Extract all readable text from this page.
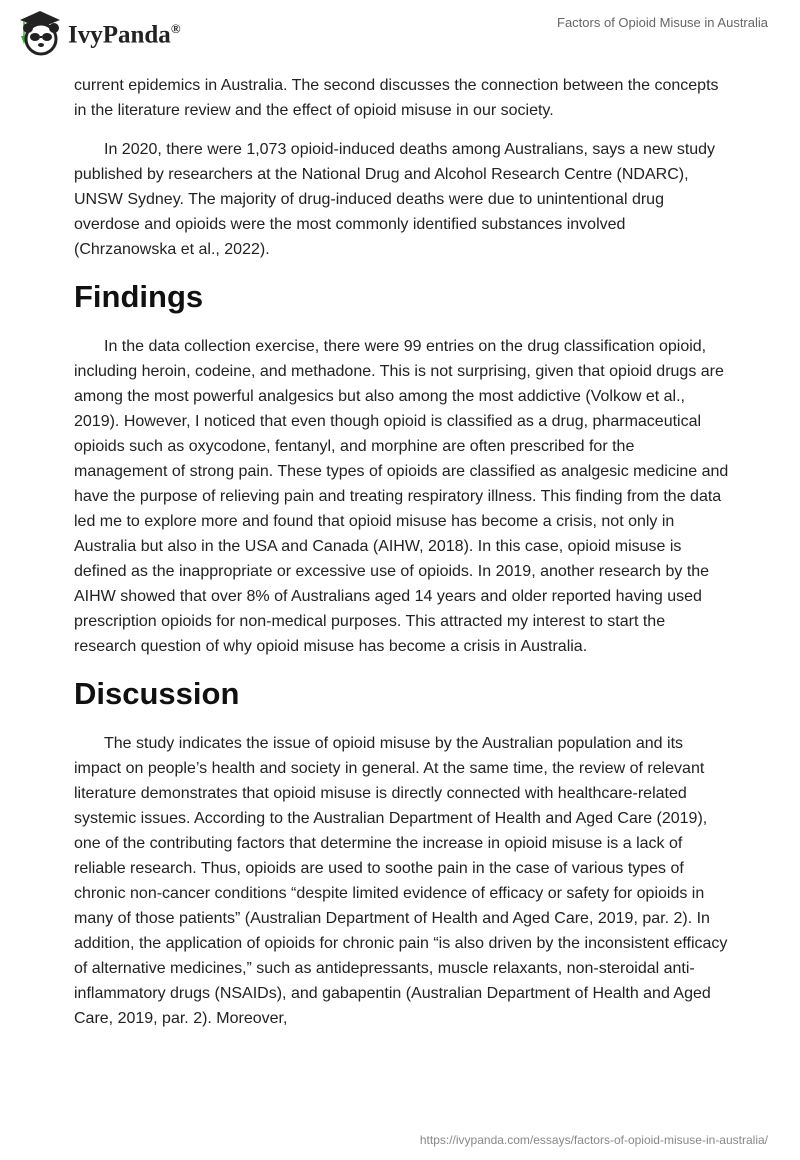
IvyPanda®	Factors of Opioid Misuse in Australia

current epidemics in Australia. The second discusses the connection between the concepts in the literature review and the effect of opioid misuse in our society.

In 2020, there were 1,073 opioid-induced deaths among Australians, says a new study published by researchers at the National Drug and Alcohol Research Centre (NDARC), UNSW Sydney. The majority of drug-induced deaths were due to unintentional drug overdose and opioids were the most commonly identified substances involved (Chrzanowska et al., 2022).

Findings

In the data collection exercise, there were 99 entries on the drug classification opioid, including heroin, codeine, and methadone. This is not surprising, given that opioid drugs are among the most powerful analgesics but also among the most addictive (Volkow et al., 2019). However, I noticed that even though opioid is classified as a drug, pharmaceutical opioids such as oxycodone, fentanyl, and morphine are often prescribed for the management of strong pain. These types of opioids are classified as analgesic medicine and have the purpose of relieving pain and treating respiratory illness. This finding from the data led me to explore more and found that opioid misuse has become a crisis, not only in Australia but also in the USA and Canada (AIHW, 2018). In this case, opioid misuse is defined as the inappropriate or excessive use of opioids. In 2019, another research by the AIHW showed that over 8% of Australians aged 14 years and older reported having used prescription opioids for non-medical purposes. This attracted my interest to start the research question of why opioid misuse has become a crisis in Australia.

Discussion

The study indicates the issue of opioid misuse by the Australian population and its impact on people’s health and society in general. At the same time, the review of relevant literature demonstrates that opioid misuse is directly connected with healthcare-related systemic issues. According to the Australian Department of Health and Aged Care (2019), one of the contributing factors that determine the increase in opioid misuse is a lack of reliable research. Thus, opioids are used to soothe pain in the case of various types of chronic non-cancer conditions “despite limited evidence of efficacy or safety for opioids in many of those patients” (Australian Department of Health and Aged Care, 2019, par. 2). In addition, the application of opioids for chronic pain “is also driven by the inconsistent efficacy of alternative medicines,” such as antidepressants, muscle relaxants, non-steroidal anti-inflammatory drugs (NSAIDs), and gabapentin (Australian Department of Health and Aged Care, 2019, par. 2). Moreover,

https://ivypanda.com/essays/factors-of-opioid-misuse-in-australia/
